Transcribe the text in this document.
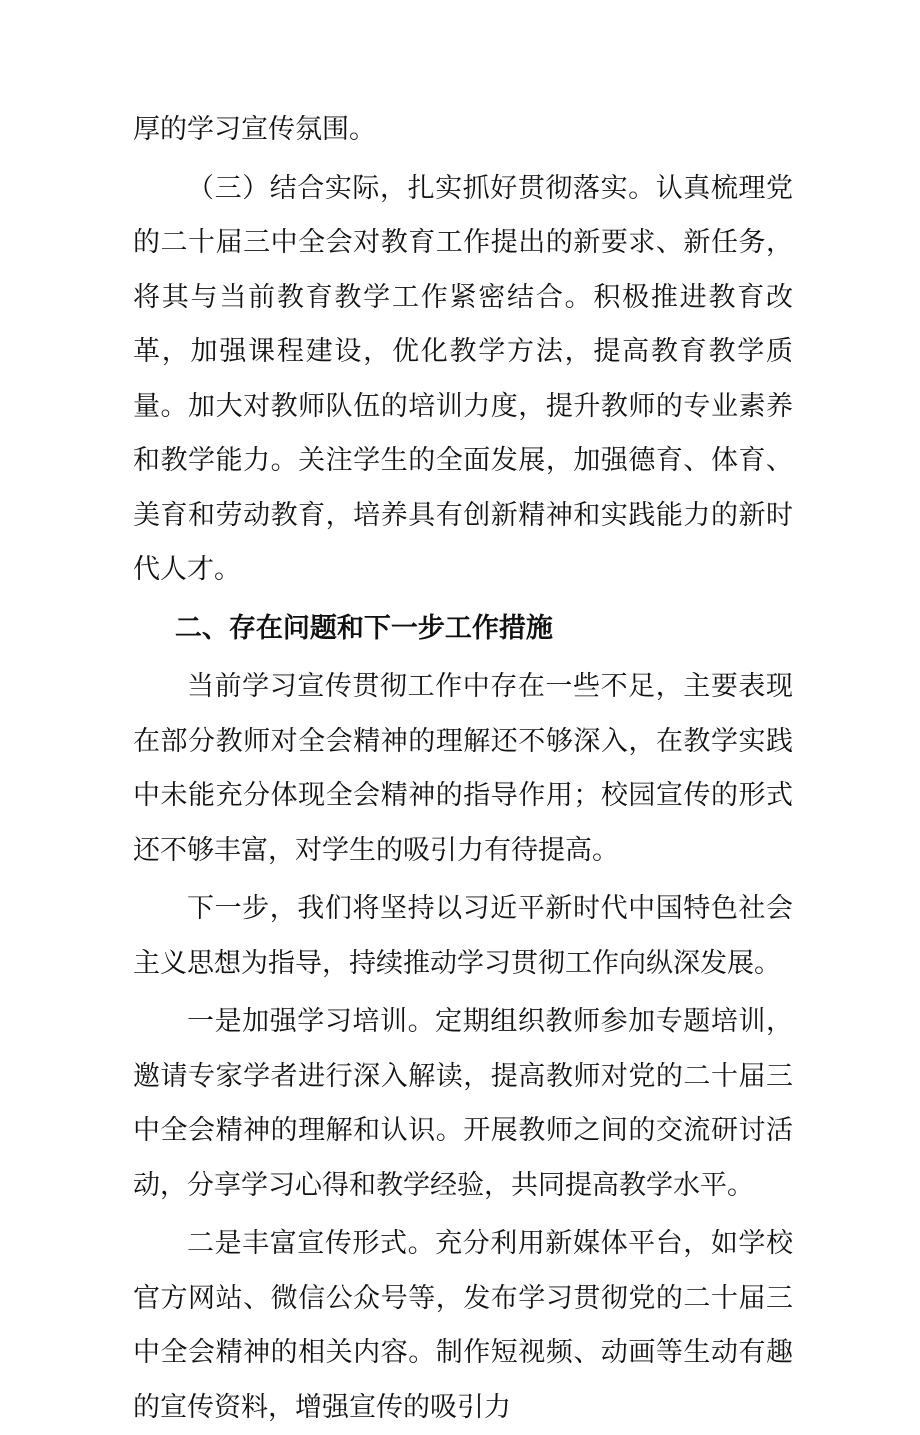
厚的学习宣传氛围。

（三）结合实际，扎实抓好贯彻落实。认真梳理党的二十届三中全会对教育工作提出的新要求、新任务，将其与当前教育教学工作紧密结合。积极推进教育改革，加强课程建设，优化教学方法，提高教育教学质量。加大对教师队伍的培训力度，提升教师的专业素养和教学能力。关注学生的全面发展，加强德育、体育、美育和劳动教育，培养具有创新精神和实践能力的新时代人才。

二、存在问题和下一步工作措施

当前学习宣传贯彻工作中存在一些不足，主要表现在部分教师对全会精神的理解还不够深入，在教学实践中未能充分体现全会精神的指导作用；校园宣传的形式还不够丰富，对学生的吸引力有待提高。

下一步，我们将坚持以习近平新时代中国特色社会主义思想为指导，持续推动学习贯彻工作向纵深发展。

一是加强学习培训。定期组织教师参加专题培训，邀请专家学者进行深入解读，提高教师对党的二十届三中全会精神的理解和认识。开展教师之间的交流研讨活动，分享学习心得和教学经验，共同提高教学水平。

二是丰富宣传形式。充分利用新媒体平台，如学校官方网站、微信公众号等，发布学习贯彻党的二十届三中全会精神的相关内容。制作短视频、动画等生动有趣的宣传资料，增强宣传的吸引力
